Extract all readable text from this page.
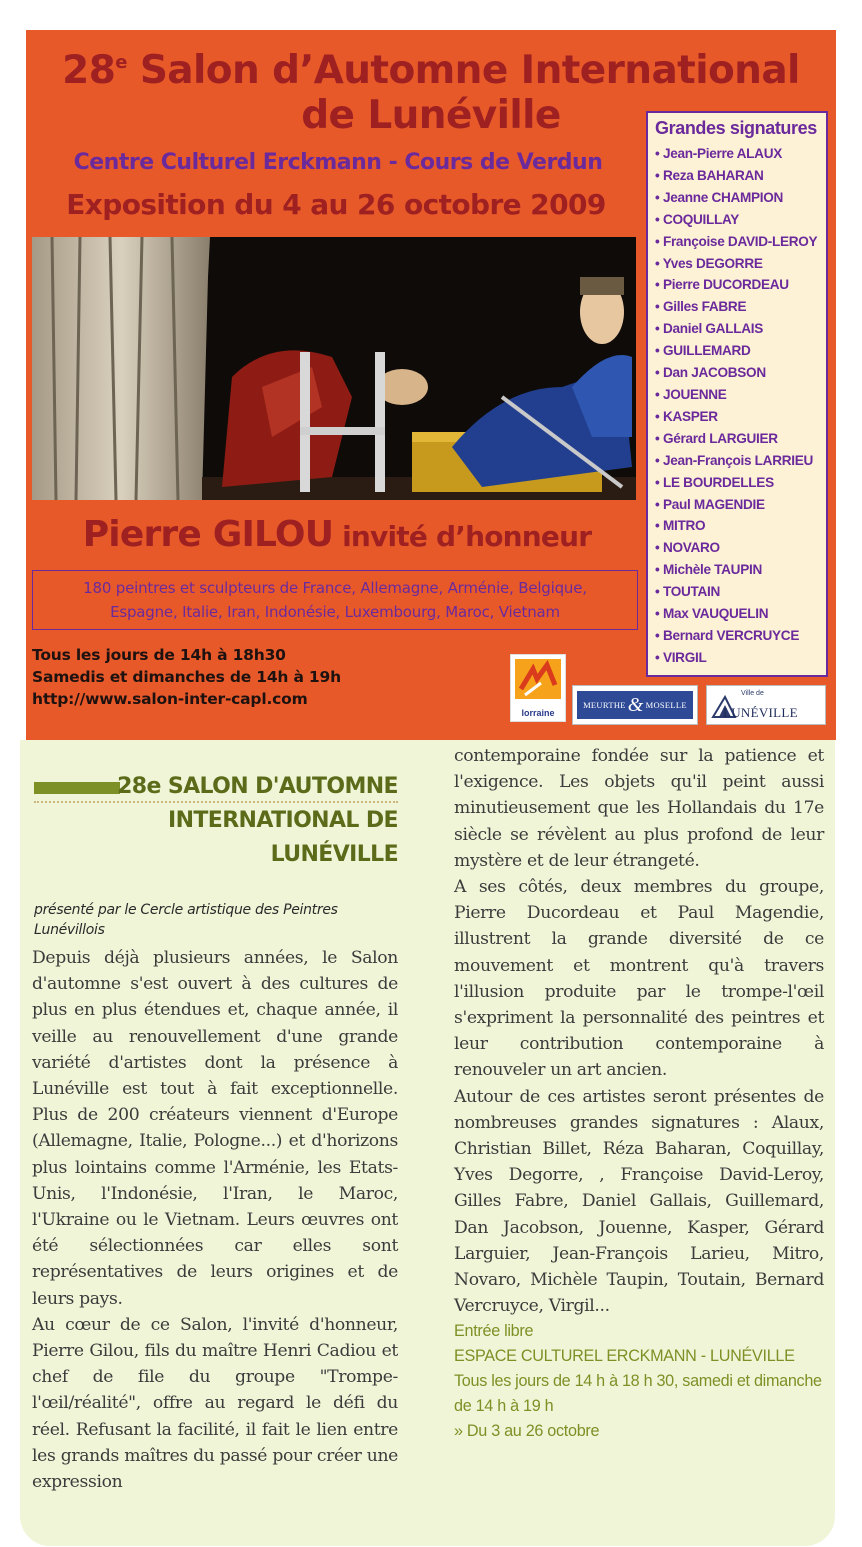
28e Salon d’Automne International
de Lunéville
Centre Culturel Erckmann - Cours de Verdun
Exposition du 4 au 26 octobre 2009
Pierre GILOU invité d’honneur
180 peintres et sculpteurs de France, Allemagne, Arménie, Belgique,
Espagne, Italie, Iran, Indonésie, Luxembourg, Maroc, Vietnam
Tous les jours de 14h à 18h30
Samedis et dimanches de 14h à 19h
http://www.salon-inter-capl.com
Grandes signatures
• Jean-Pierre ALAUX
• Reza BAHARAN
• Jeanne CHAMPION
• COQUILLAY
• Françoise DAVID-LEROY
• Yves DEGORRE
• Pierre DUCORDEAU
• Gilles FABRE
• Daniel GALLAIS
• GUILLEMARD
• Dan JACOBSON
• JOUENNE
• KASPER
• Gérard LARGUIER
• Jean-François LARRIEU
• LE BOURDELLES
• Paul MAGENDIE
• MITRO
• NOVARO
• Michèle TAUPIN
• TOUTAIN
• Max VAUQUELIN
• Bernard VERCRUYCE
• VIRGIL
lorraine
MEURTHE & MOSELLE
Ville de
LUNÉVILLE
28e SALON D'AUTOMNE
INTERNATIONAL DE
LUNÉVILLE
présenté par le Cercle artistique des Peintres Lunévillois

Depuis déjà plusieurs années, le Salon d'automne s'est ouvert à des cultures de plus en plus étendues et, chaque année, il veille au renouvellement d'une grande variété d'artistes dont la présence à Lunéville est tout à fait exceptionnelle. Plus de 200 créateurs viennent d'Europe (Allemagne, Italie, Pologne...) et d'horizons plus lointains comme l'Arménie, les Etats-Unis, l'Indonésie, l'Iran, le Maroc, l'Ukraine ou le Vietnam. Leurs œuvres ont été sélectionnées car elles sont représentatives de leurs origines et de leurs pays.

Au cœur de ce Salon, l'invité d'honneur, Pierre Gilou, fils du maître Henri Cadiou et chef de file du groupe "Trompe-l'œil/réalité", offre au regard le défi du réel. Refusant la facilité, il fait le lien entre les grands maîtres du passé pour créer une expression

contemporaine fondée sur la patience et l'exigence. Les objets qu'il peint aussi minutieusement que les Hollandais du 17e siècle se révèlent au plus profond de leur mystère et de leur étrangeté.

A ses côtés, deux membres du groupe, Pierre Ducordeau et Paul Magendie, illustrent la grande diversité de ce mouvement et montrent qu'à travers l'illusion produite par le trompe-l'œil s'expriment la personnalité des peintres et leur contribution contemporaine à renouveler un art ancien.

Autour de ces artistes seront présentes de nombreuses grandes signatures : Alaux, Christian Billet, Réza Baharan, Coquillay, Yves Degorre, , Françoise David-Leroy, Gilles Fabre, Daniel Gallais, Guillemard, Dan Jacobson, Jouenne, Kasper, Gérard Larguier, Jean-François Larieu, Mitro, Novaro, Michèle Taupin, Toutain, Bernard Vercruyce, Virgil...

Entrée libre
ESPACE CULTUREL ERCKMANN - LUNÉVILLE
Tous les jours de 14 h à 18 h 30, samedi et dimanche de 14 h à 19 h
» Du 3 au 26 octobre
